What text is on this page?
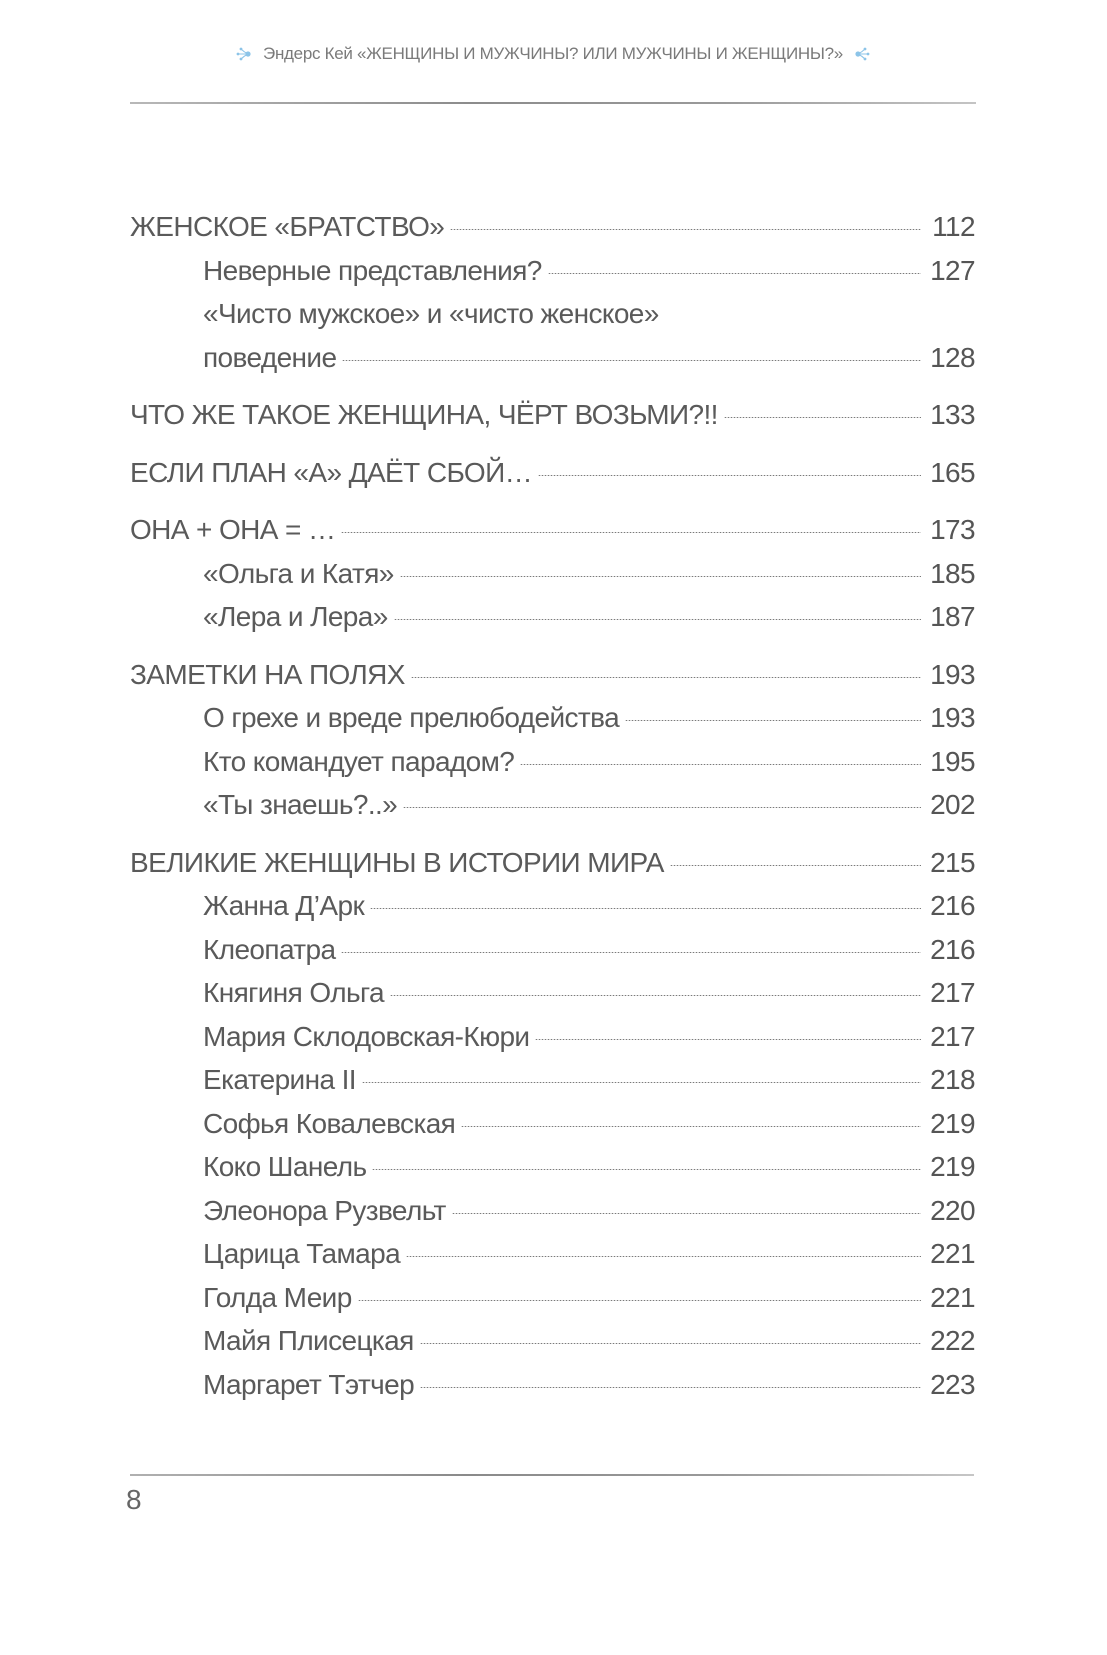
Эндерс Кей «ЖЕНЩИНЫ И МУЖЧИНЫ? ИЛИ МУЖЧИНЫ И ЖЕНЩИНЫ?»
ЖЕНСКОЕ «БРАТСТВО»	112
Неверные представления?	127
«Чисто мужское» и «чисто женское»
поведение	128
ЧТО ЖЕ ТАКОЕ ЖЕНЩИНА, ЧЁРТ ВОЗЬМИ?!!	133
ЕСЛИ ПЛАН «А» ДАЁТ СБОЙ…	165
ОНА + ОНА = …	173
«Ольга и Катя»	185
«Лера и Лера»	187
ЗАМЕТКИ НА ПОЛЯХ	193
О грехе и вреде прелюбодейства	193
Кто командует парадом?	195
«Ты знаешь?..»	202
ВЕЛИКИЕ ЖЕНЩИНЫ В ИСТОРИИ МИРА	215
Жанна Д’Арк	216
Клеопатра	216
Княгиня Ольга	217
Мария Склодовская-Кюри	217
Екатерина II	218
Софья Ковалевская	219
Коко Шанель	219
Элеонора Рузвельт	220
Царица Тамара	221
Голда Меир	221
Майя Плисецкая	222
Маргарет Тэтчер	223
8
